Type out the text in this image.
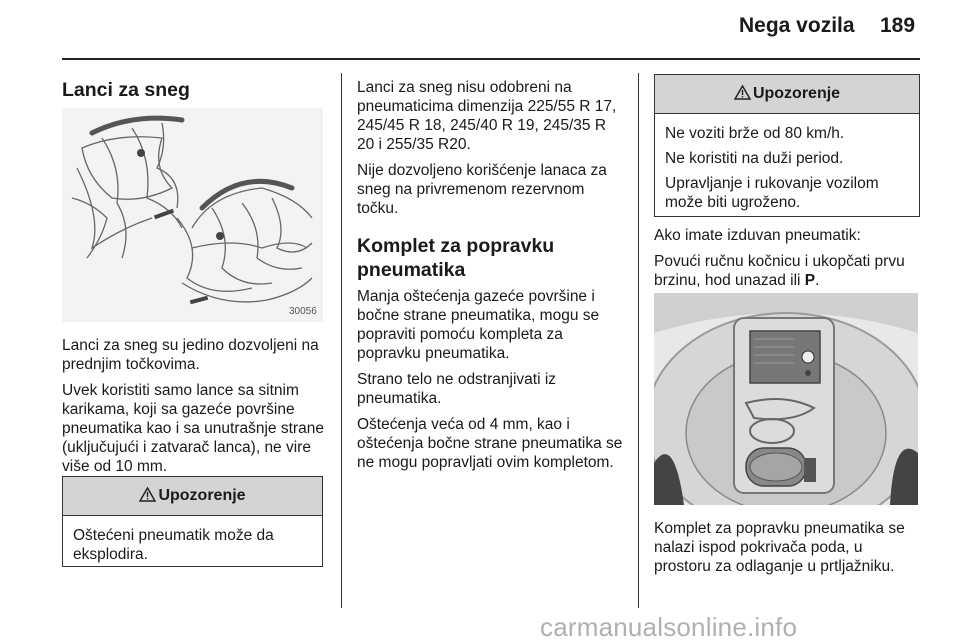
Nega vozila 189
Lanci za sneg
30056

Lanci za sneg su jedino dozvoljeni na prednjim točkovima.

Uvek koristiti samo lance sa sitnim karikama, koji sa gazeće površine pneumatika kao i sa unutrašnje strane (uključujući i zatvarač lanca), ne vire više od 10 mm.

Upozorenje

Oštećeni pneumatik može da eksplodira.

Lanci za sneg nisu odobreni na pneumaticima dimenzija 225/55 R 17, 245/45 R 18, 245/40 R 19, 245/35 R 20 i 255/35 R20.

Nije dozvoljeno korišćenje lanaca za sneg na privremenom rezervnom točku.

Komplet za popravku pneumatika

Manja oštećenja gazeće površine i bočne strane pneumatika, mogu se popraviti pomoću kompleta za popravku pneumatika.

Strano telo ne odstranjivati iz pneumatika.

Oštećenja veća od 4 mm, kao i oštećenja bočne strane pneumatika se ne mogu popravljati ovim kompletom.

Upozorenje

Ne voziti brže od 80 km/h.

Ne koristiti na duži period.

Upravljanje i rukovanje vozilom može biti ugroženo.

Ako imate izduvan pneumatik:

Povući ručnu kočnicu i ukopčati prvu brzinu, hod unazad ili P.

Komplet za popravku pneumatika se nalazi ispod pokrivača poda, u prostoru za odlaganje u prtljažniku.

carmanualsonline.info
